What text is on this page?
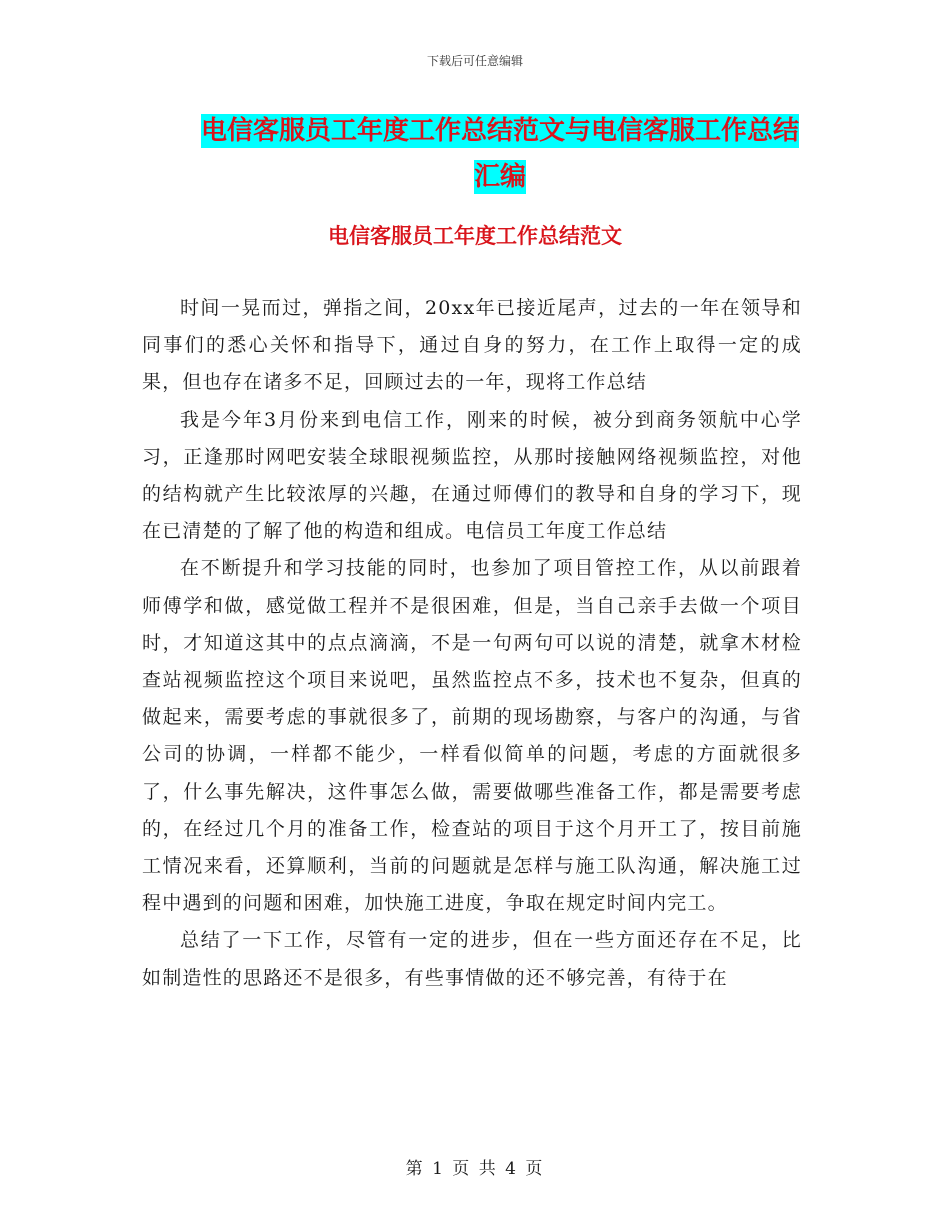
下载后可任意编辑
电信客服员工年度工作总结范文与电信客服工作总结
汇编
电信客服员工年度工作总结范文

时间一晃而过，弹指之间，20xx年已接近尾声，过去的一年在领导和同事们的悉心关怀和指导下，通过自身的努力，在工作上取得一定的成果，但也存在诸多不足，回顾过去的一年，现将工作总结

我是今年3月份来到电信工作，刚来的时候，被分到商务领航中心学习，正逢那时网吧安装全球眼视频监控，从那时接触网络视频监控，对他的结构就产生比较浓厚的兴趣，在通过师傅们的教导和自身的学习下，现在已清楚的了解了他的构造和组成。电信员工年度工作总结

在不断提升和学习技能的同时，也参加了项目管控工作，从以前跟着师傅学和做，感觉做工程并不是很困难，但是，当自己亲手去做一个项目时，才知道这其中的点点滴滴，不是一句两句可以说的清楚，就拿木材检查站视频监控这个项目来说吧，虽然监控点不多，技术也不复杂，但真的做起来，需要考虑的事就很多了，前期的现场勘察，与客户的沟通，与省公司的协调，一样都不能少，一样看似简单的问题，考虑的方面就很多了，什么事先解决，这件事怎么做，需要做哪些准备工作，都是需要考虑的，在经过几个月的准备工作，检查站的项目于这个月开工了，按目前施工情况来看，还算顺利，当前的问题就是怎样与施工队沟通，解决施工过程中遇到的问题和困难，加快施工进度，争取在规定时间内完工。

总结了一下工作，尽管有一定的进步，但在一些方面还存在不足，比如制造性的思路还不是很多，有些事情做的还不够完善，有待于在

第 1 页 共 4 页
